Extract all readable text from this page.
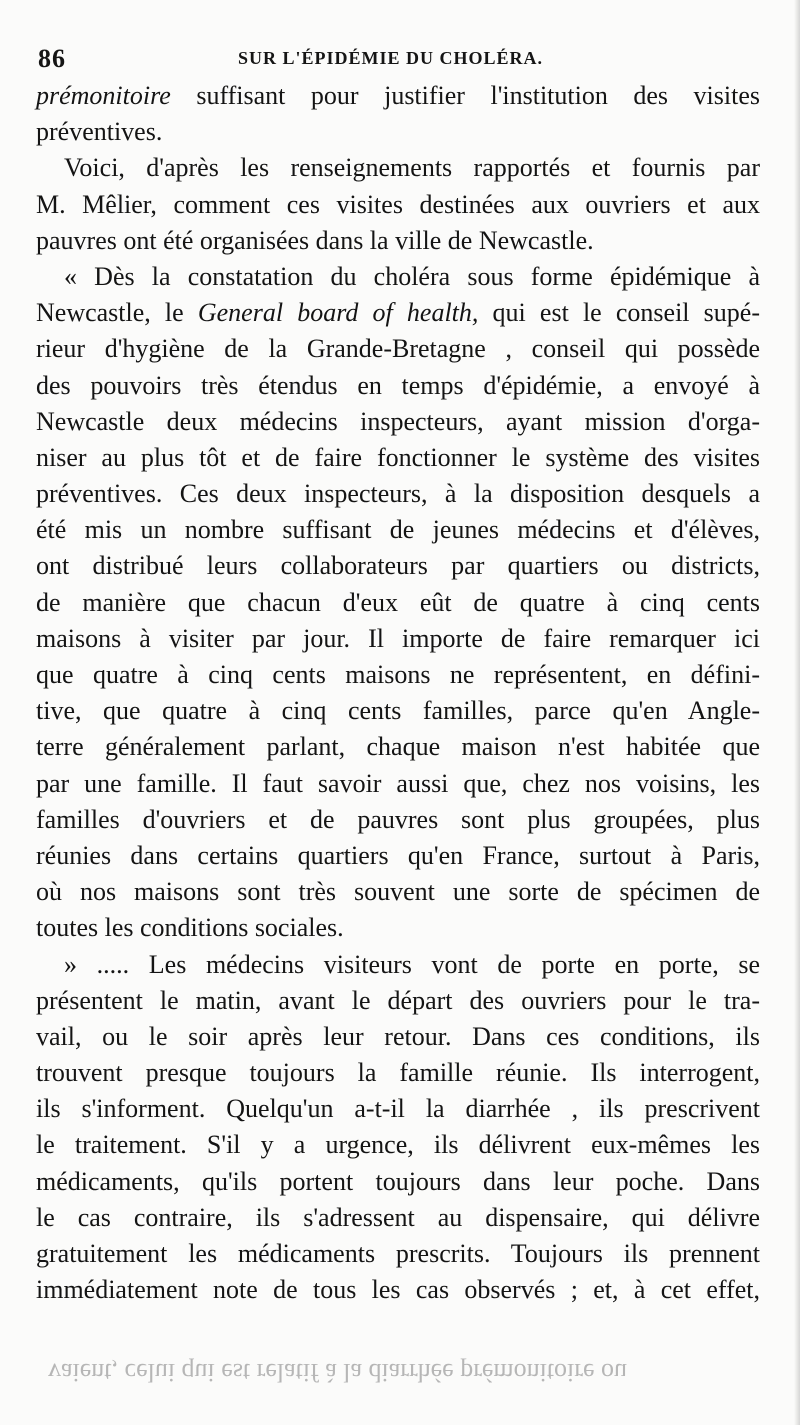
86	SUR L'ÉPIDÉMIE DU CHOLÉRA.
prémonitoire suffisant pour justifier l'institution des visites
préventives.
Voici, d'après les renseignements rapportés et fournis par
M. Mêlier, comment ces visites destinées aux ouvriers et aux
pauvres ont été organisées dans la ville de Newcastle.
« Dès la constatation du choléra sous forme épidémique à
Newcastle, le General board of health, qui est le conseil supé-
rieur d'hygiène de la Grande-Bretagne , conseil qui possède
des pouvoirs très étendus en temps d'épidémie, a envoyé à
Newcastle deux médecins inspecteurs, ayant mission d'orga-
niser au plus tôt et de faire fonctionner le système des visites
préventives. Ces deux inspecteurs, à la disposition desquels a
été mis un nombre suffisant de jeunes médecins et d'élèves,
ont distribué leurs collaborateurs par quartiers ou districts,
de manière que chacun d'eux eût de quatre à cinq cents
maisons à visiter par jour. Il importe de faire remarquer ici
que quatre à cinq cents maisons ne représentent, en défini-
tive, que quatre à cinq cents familles, parce qu'en Angle-
terre généralement parlant, chaque maison n'est habitée que
par une famille. Il faut savoir aussi que, chez nos voisins, les
familles d'ouvriers et de pauvres sont plus groupées, plus
réunies dans certains quartiers qu'en France, surtout à Paris,
où nos maisons sont très souvent une sorte de spécimen de
toutes les conditions sociales.
» ..... Les médecins visiteurs vont de porte en porte, se
présentent le matin, avant le départ des ouvriers pour le tra-
vail, ou le soir après leur retour. Dans ces conditions, ils
trouvent presque toujours la famille réunie. Ils interrogent,
ils s'informent. Quelqu'un a-t-il la diarrhée , ils prescrivent
le traitement. S'il y a urgence, ils délivrent eux-mêmes les
médicaments, qu'ils portent toujours dans leur poche. Dans
le cas contraire, ils s'adressent au dispensaire, qui délivre
gratuitement les médicaments prescrits. Toujours ils prennent
immédiatement note de tous les cas observés ; et, à cet effet,
vaient, celui qui est relatif à la diarrhée prémonitoire ou
